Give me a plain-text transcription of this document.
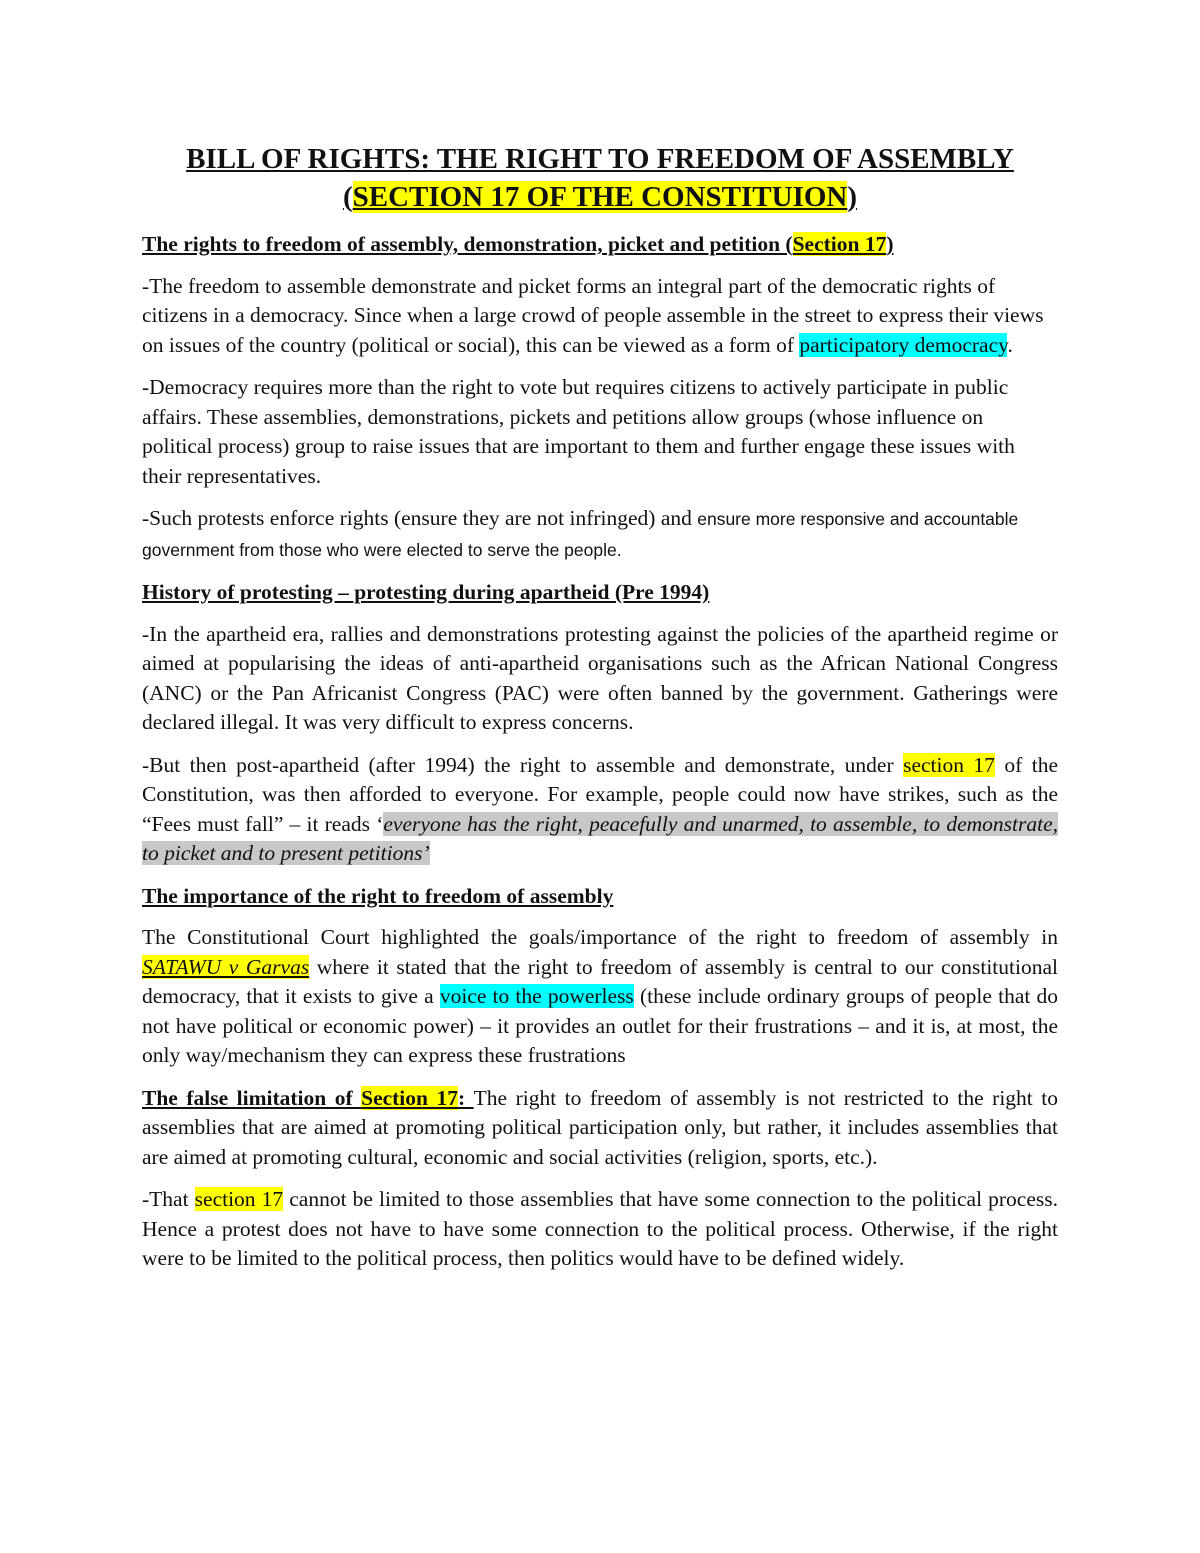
BILL OF RIGHTS: THE RIGHT TO FREEDOM OF ASSEMBLY
(SECTION 17 OF THE CONSTITUION)
The rights to freedom of assembly, demonstration, picket and petition (Section 17)

-The freedom to assemble demonstrate and picket forms an integral part of the democratic rights of citizens in a democracy. Since when a large crowd of people assemble in the street to express their views on issues of the country (political or social), this can be viewed as a form of participatory democracy.

-Democracy requires more than the right to vote but requires citizens to actively participate in public affairs. These assemblies, demonstrations, pickets and petitions allow groups (whose influence on political process) group to raise issues that are important to them and further engage these issues with their representatives.

-Such protests enforce rights (ensure they are not infringed) and ensure more responsive and accountable government from those who were elected to serve the people.

History of protesting – protesting during apartheid (Pre 1994)

-In the apartheid era, rallies and demonstrations protesting against the policies of the apartheid regime or aimed at popularising the ideas of anti-apartheid organisations such as the African National Congress (ANC) or the Pan Africanist Congress (PAC) were often banned by the government. Gatherings were declared illegal. It was very difficult to express concerns.

-But then post-apartheid (after 1994) the right to assemble and demonstrate, under section 17 of the Constitution, was then afforded to everyone. For example, people could now have strikes, such as the “Fees must fall” – it reads ‘everyone has the right, peacefully and unarmed, to assemble, to demonstrate, to picket and to present petitions’

The importance of the right to freedom of assembly

The Constitutional Court highlighted the goals/importance of the right to freedom of assembly in SATAWU v Garvas where it stated that the right to freedom of assembly is central to our constitutional democracy, that it exists to give a voice to the powerless (these include ordinary groups of people that do not have political or economic power) – it provides an outlet for their frustrations – and it is, at most, the only way/mechanism they can express these frustrations

The false limitation of Section 17: The right to freedom of assembly is not restricted to the right to assemblies that are aimed at promoting political participation only, but rather, it includes assemblies that are aimed at promoting cultural, economic and social activities (religion, sports, etc.).

-That section 17 cannot be limited to those assemblies that have some connection to the political process. Hence a protest does not have to have some connection to the political process. Otherwise, if the right were to be limited to the political process, then politics would have to be defined widely.
